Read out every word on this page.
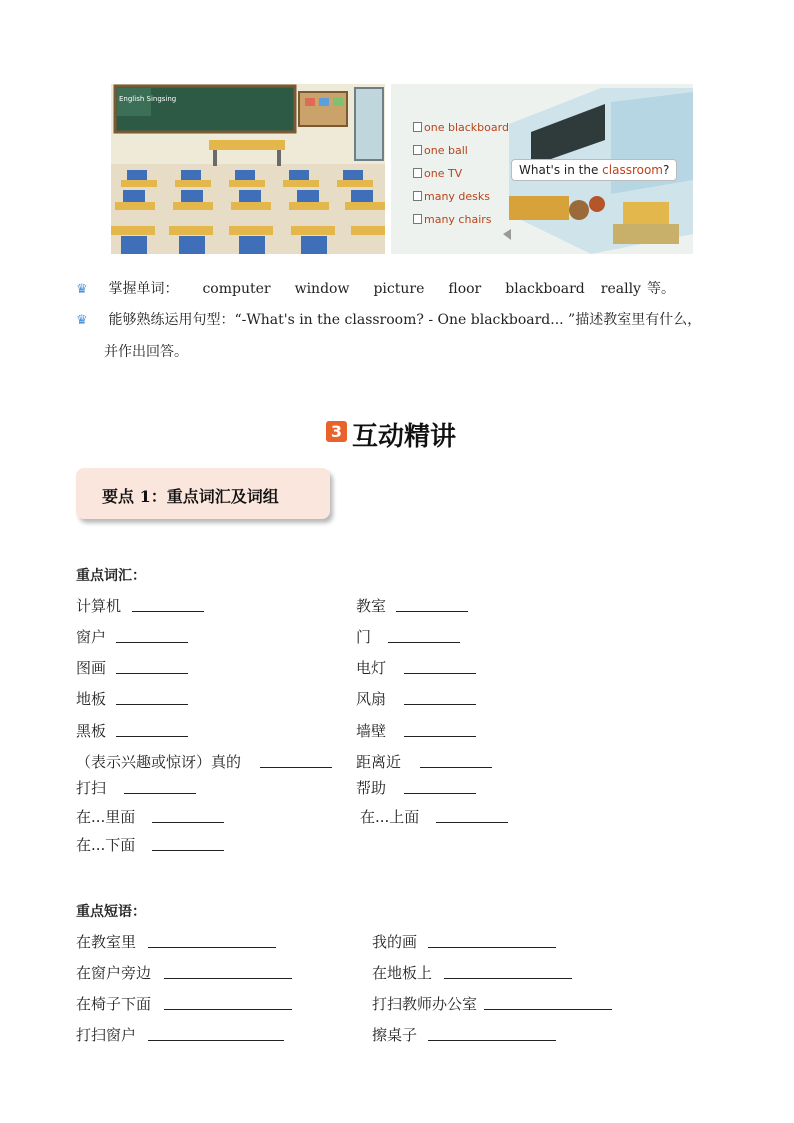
English Singsing
one blackboard
one ball
one TV
many desks
many chairs
What's in the classroom?
♛ 掌握单词： computer window picture floor blackboard really 等。
♛ 能够熟练运用句型：“-What's in the classroom? - One blackboard... ”描述教室里有什么，
并作出回答。
3 互动精讲
要点 1：重点词汇及词组
重点词汇：
计算机
窗户
图画
地板
黑板
（表示兴趣或惊讶）真的
打扫
在...里面
在...下面
教室
门
电灯
风扇
墙壁
距离近
帮助
在...上面
重点短语：
在教室里
在窗户旁边
在椅子下面
打扫窗户
我的画
在地板上
打扫教师办公室
擦桌子
